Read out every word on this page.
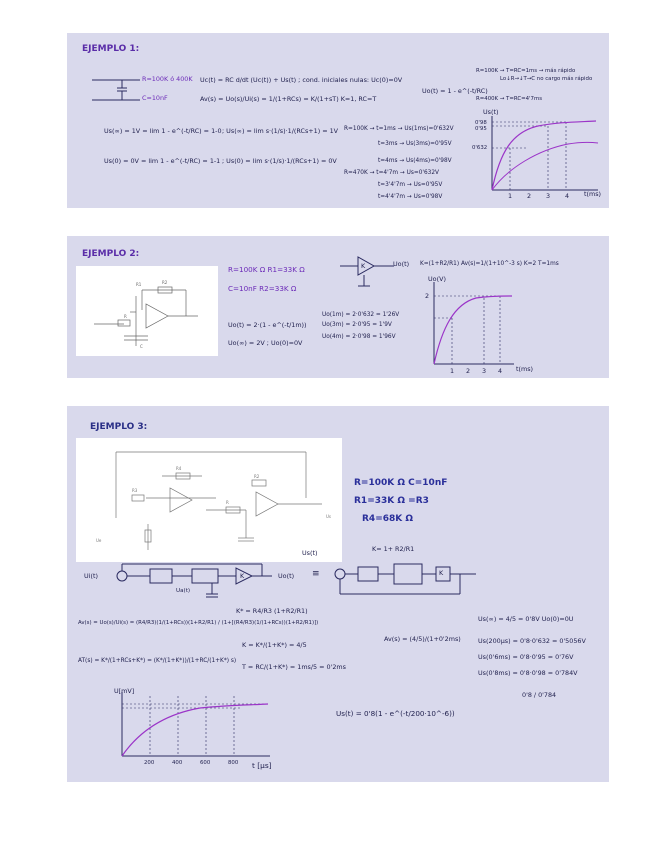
EJEMPLO 1:
R=100K ó 400K
C=10nF
Uc(t) = RC d/dt (Uc(t)) + Us(t) ; cond. iniciales nulas: Uc(0)=0V
Av(s) = Uo(s)/Ui(s) = 1/(1+RCs) = K/(1+sT) K=1, RC=T
Uo(t) = 1 - e^(-t/RC)
R=100K → T=RC=1ms → más rápido
Lo↓R→↓T→C no cargo más rápido
R=400K → T=RC=4'7ms
Us(∞) = 1V = lim 1 - e^(-t/RC) = 1-0
Us(0) = 0V = lim 1 - e^(-t/RC) = 1-1
; Us(∞) = lim s·(1/s)·1/(RCs+1) = 1V
; Us(0) = lim s·(1/s)·1/(RCs+1) = 0V
R=100K → t=1ms → Us(1ms)=0'632V
t=3ms → Us(3ms)=0'95V
t=4ms → Us(4ms)=0'98V
R=470K → t=4'7m → Us=0'632V
t=3'4'7m → Us=0'95V
t=4'4'7m → Us=0'98V
Us(t)
0'98
0'95
0'632
1 2 3 4 t(ms)
EJEMPLO 2:
R1	R2
R
C
R=100K Ω R1=33K Ω
C=10nF R2=33K Ω
Uo(t)
K	K=(1+R2/R1) Av(s)=1/(1+10^-3 s) K=2 T=1ms
Uo(t) = 2·(1 - e^(-t/1m))
Uo(∞) = 2V ; Uo(0)=0V
Uo(1m) = 2·0'632 = 1'26V
Uo(3m) = 2·0'95 = 1'9V
Uo(4m) = 2·0'98 = 1'96V
Uo(V)
2
1 2 3 4 t(ms)
EJEMPLO 3:
R3
R4
R
R2
Us
Ue
R=100K Ω C=10nF
R1=33K Ω =R3
R4=68K Ω
K= 1+ R2/R1
Us(t)
Ui(t)
Ua(t)
K	Uo(t) ≡	K
Av(s) = Uo(s)/Ui(s) = (R4/R3)(1/(1+RCs))(1+R2/R1) / (1+[(R4/R3)(1/(1+RCs))(1+R2/R1)])
K* = R4/R3 (1+R2/R1)
AT(s) = K*/(1+RCs+K*) = (K*/(1+K*))/(1+RC/(1+K*) s)
K = K*/(1+K*) = 4/5
T = RC/(1+K*) = 1ms/5 = 0'2ms
Av(s) = (4/5)/(1+0'2ms)
Us(∞) = 4/5 = 0'8V Uo(0)=0U
Us(200μs) = 0'8·0'632 = 0'5056V
Us(0'6ms) = 0'8·0'95 = 0'76V
Us(0'8ms) = 0'8·0'98 = 0'784V
0'8 / 0'784
Us(t) = 0'8(1 - e^(-t/200·10^-6))
U[mV]
200	400	600	800 t [μs]
